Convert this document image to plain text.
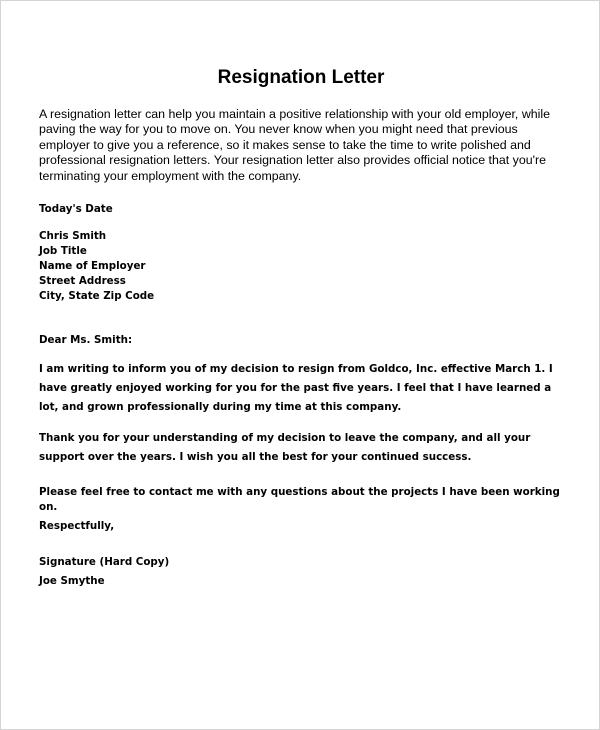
Resignation Letter
A resignation letter can help you maintain a positive relationship with your old employer, while
paving the way for you to move on. You never know when you might need that previous employer to give you a reference, so it makes sense to take the time to write polished and professional resignation letters. Your resignation letter also provides official notice that you're terminating your employment with the company.
Today's Date
Chris Smith
Job Title
Name of Employer
Street Address
City, State Zip Code
Dear Ms. Smith:
I am writing to inform you of my decision to resign from Goldco, Inc. effective March 1. I have greatly enjoyed working for you for the past five years. I feel that I have learned a lot, and grown professionally during my time at this company.
Thank you for your understanding of my decision to leave the company, and all your support over the years. I wish you all the best for your continued success.
Please feel free to contact me with any questions about the projects I have been working on.
Respectfully,
Signature (Hard Copy)
Joe Smythe
